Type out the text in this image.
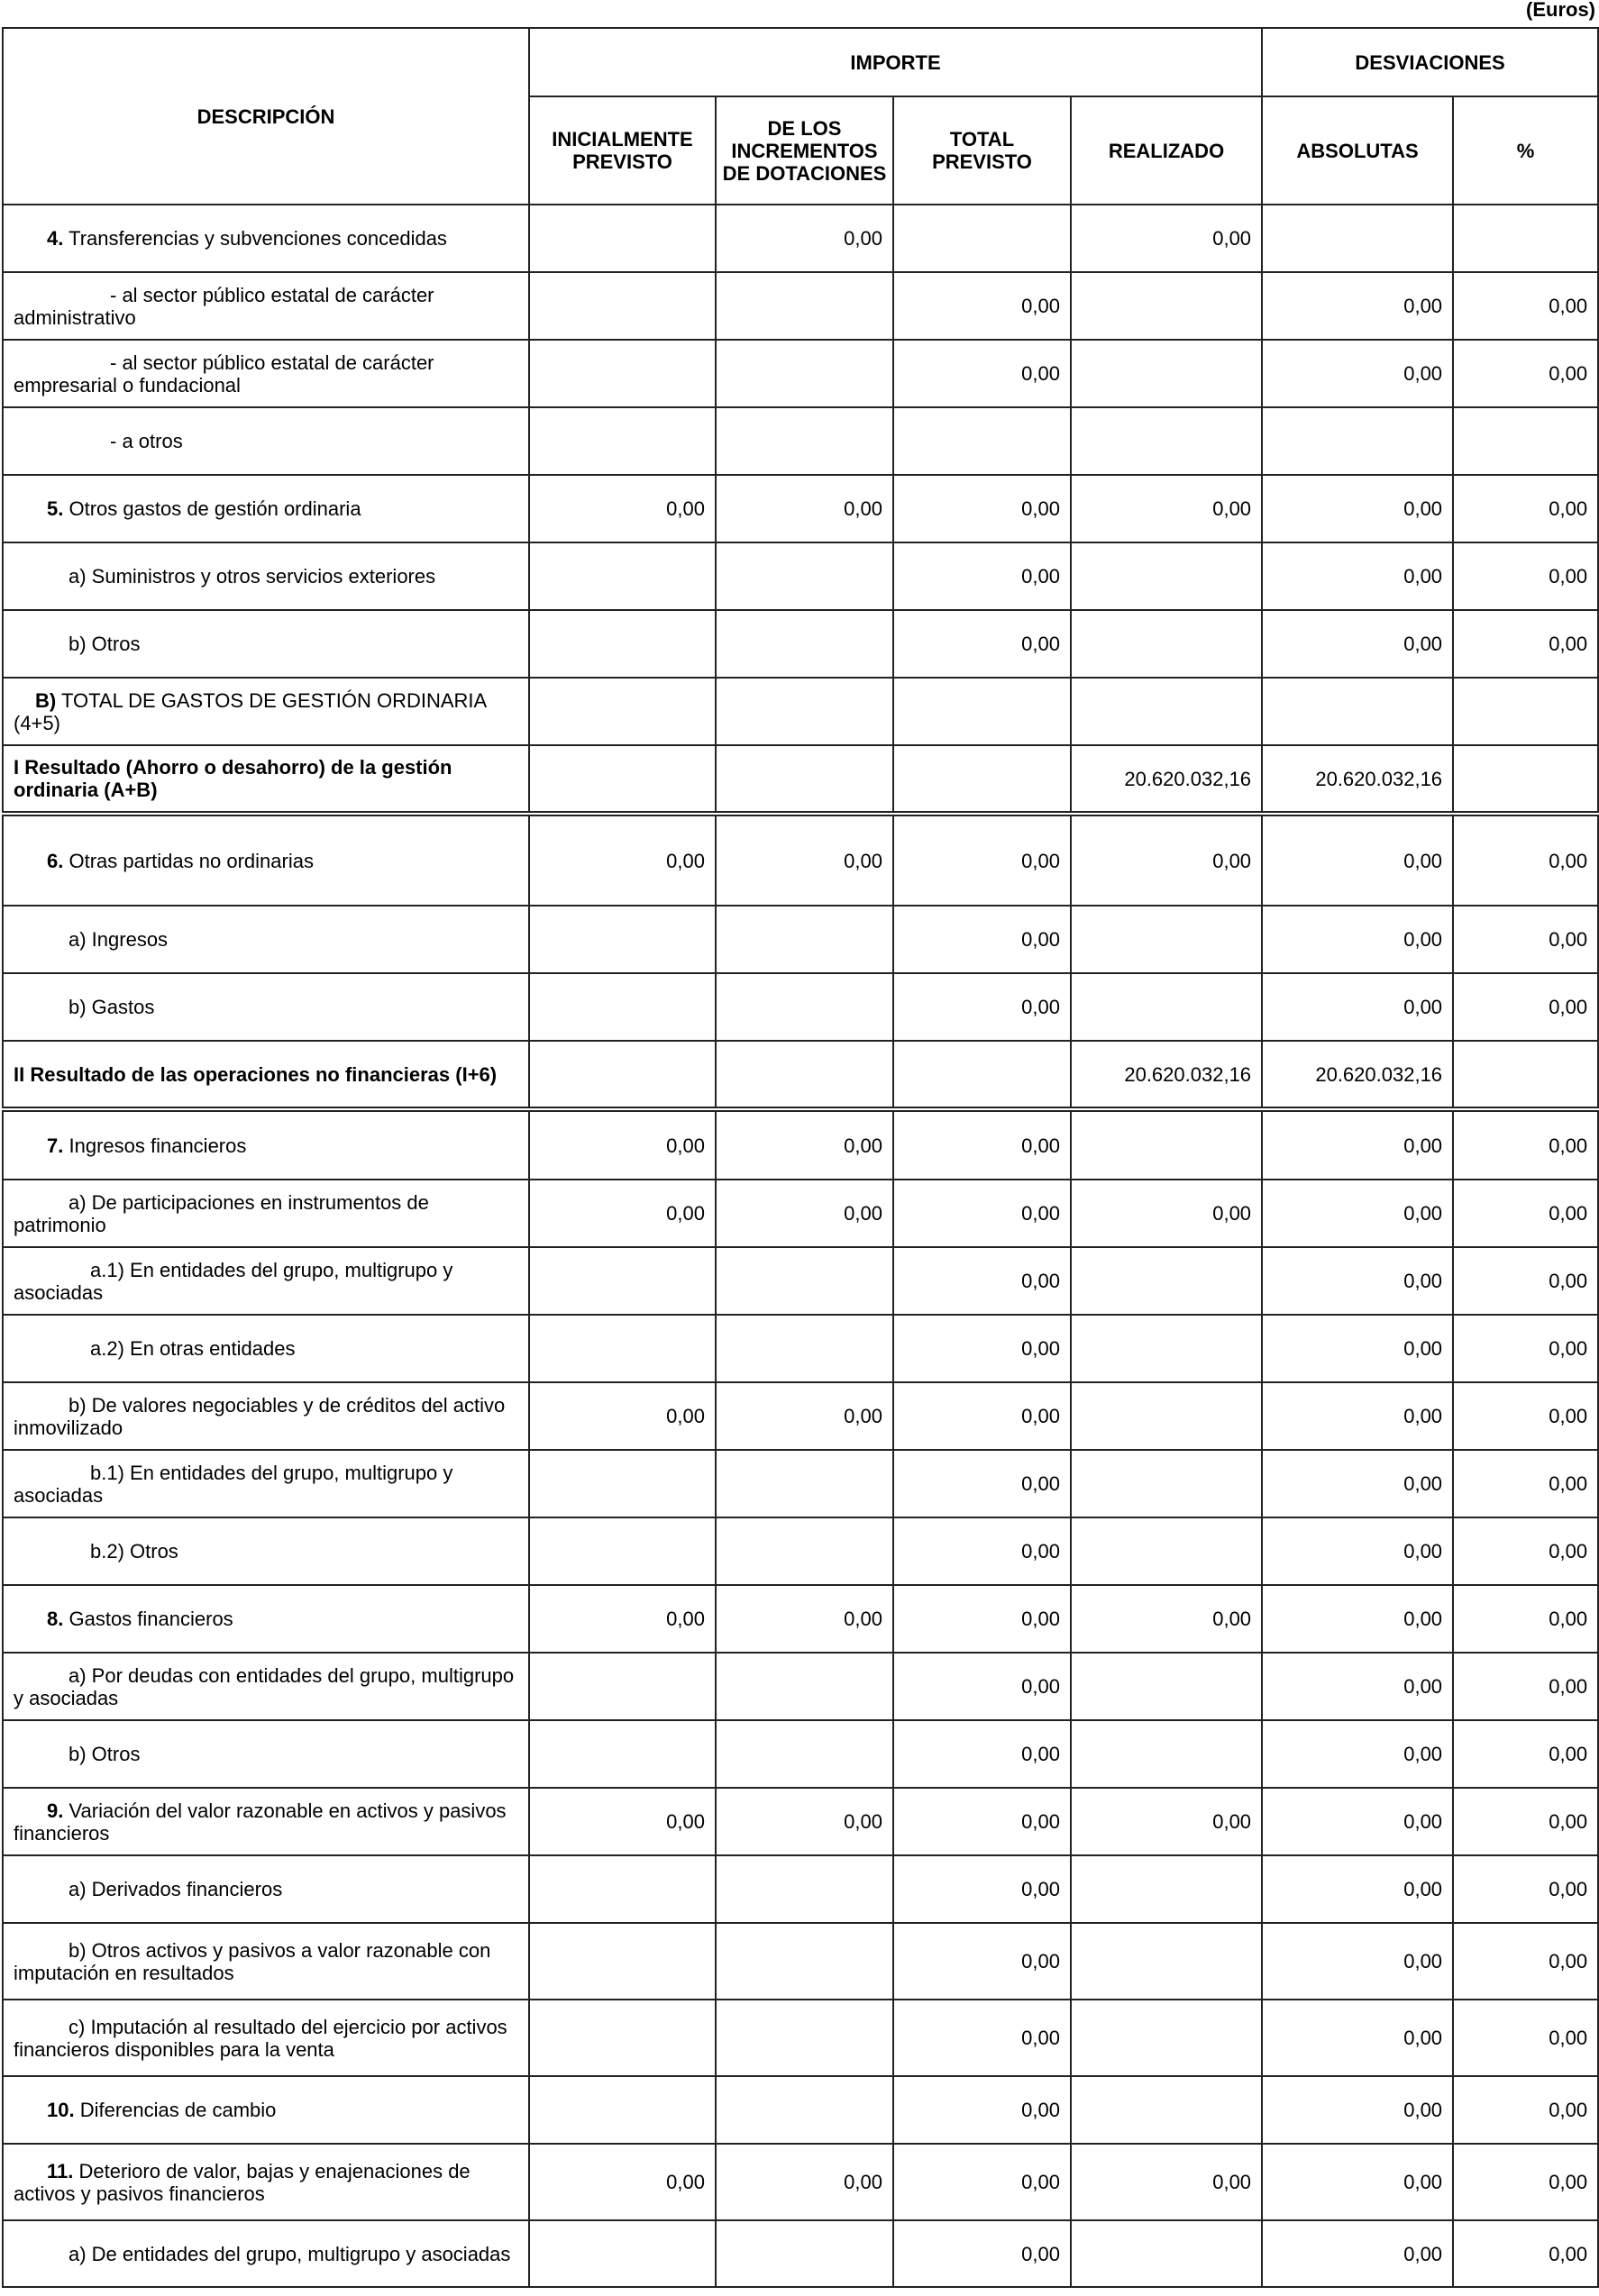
(Euros)
DESCRIPCIÓN	IMPORTE				DESVIACIONES	
	INICIALMENTE PREVISTO	DE LOS INCREMENTOS DE DOTACIONES	TOTAL PREVISTO	REALIZADO	ABSOLUTAS	%

4. Transferencias y subvenciones concedidas		0,00		0,00		

- al sector público estatal de carácter administrativo			0,00		0,00	0,00

- al sector público estatal de carácter empresarial o fundacional			0,00		0,00	0,00

- a otros						

5. Otros gastos de gestión ordinaria	0,00	0,00	0,00	0,00	0,00	0,00

a) Suministros y otros servicios exteriores			0,00		0,00	0,00

b) Otros			0,00		0,00	0,00

B) TOTAL DE GASTOS DE GESTIÓN ORDINARIA (4+5)						

I Resultado (Ahorro o desahorro) de la gestión ordinaria (A+B)				20.620.032,16	20.620.032,16	

6. Otras partidas no ordinarias	0,00	0,00	0,00	0,00	0,00	0,00

a) Ingresos			0,00		0,00	0,00

b) Gastos			0,00		0,00	0,00

II Resultado de las operaciones no financieras (I+6)				20.620.032,16	20.620.032,16	

7. Ingresos financieros	0,00	0,00	0,00		0,00	0,00

a) De participaciones en instrumentos de patrimonio	0,00	0,00	0,00	0,00	0,00	0,00

a.1) En entidades del grupo, multigrupo y asociadas			0,00		0,00	0,00

a.2) En otras entidades			0,00		0,00	0,00

b) De valores negociables y de créditos del activo inmovilizado	0,00	0,00	0,00		0,00	0,00

b.1) En entidades del grupo, multigrupo y asociadas			0,00		0,00	0,00

b.2) Otros			0,00		0,00	0,00

8. Gastos financieros	0,00	0,00	0,00	0,00	0,00	0,00

a) Por deudas con entidades del grupo, multigrupo y asociadas			0,00		0,00	0,00

b) Otros			0,00		0,00	0,00

9. Variación del valor razonable en activos y pasivos financieros	0,00	0,00	0,00	0,00	0,00	0,00

a) Derivados financieros			0,00		0,00	0,00

b) Otros activos y pasivos a valor razonable con imputación en resultados			0,00		0,00	0,00

c) Imputación al resultado del ejercicio por activos financieros disponibles para la venta			0,00		0,00	0,00

10. Diferencias de cambio			0,00		0,00	0,00

11. Deterioro de valor, bajas y enajenaciones de activos y pasivos financieros	0,00	0,00	0,00	0,00	0,00	0,00

a) De entidades del grupo, multigrupo y asociadas			0,00		0,00	0,00
